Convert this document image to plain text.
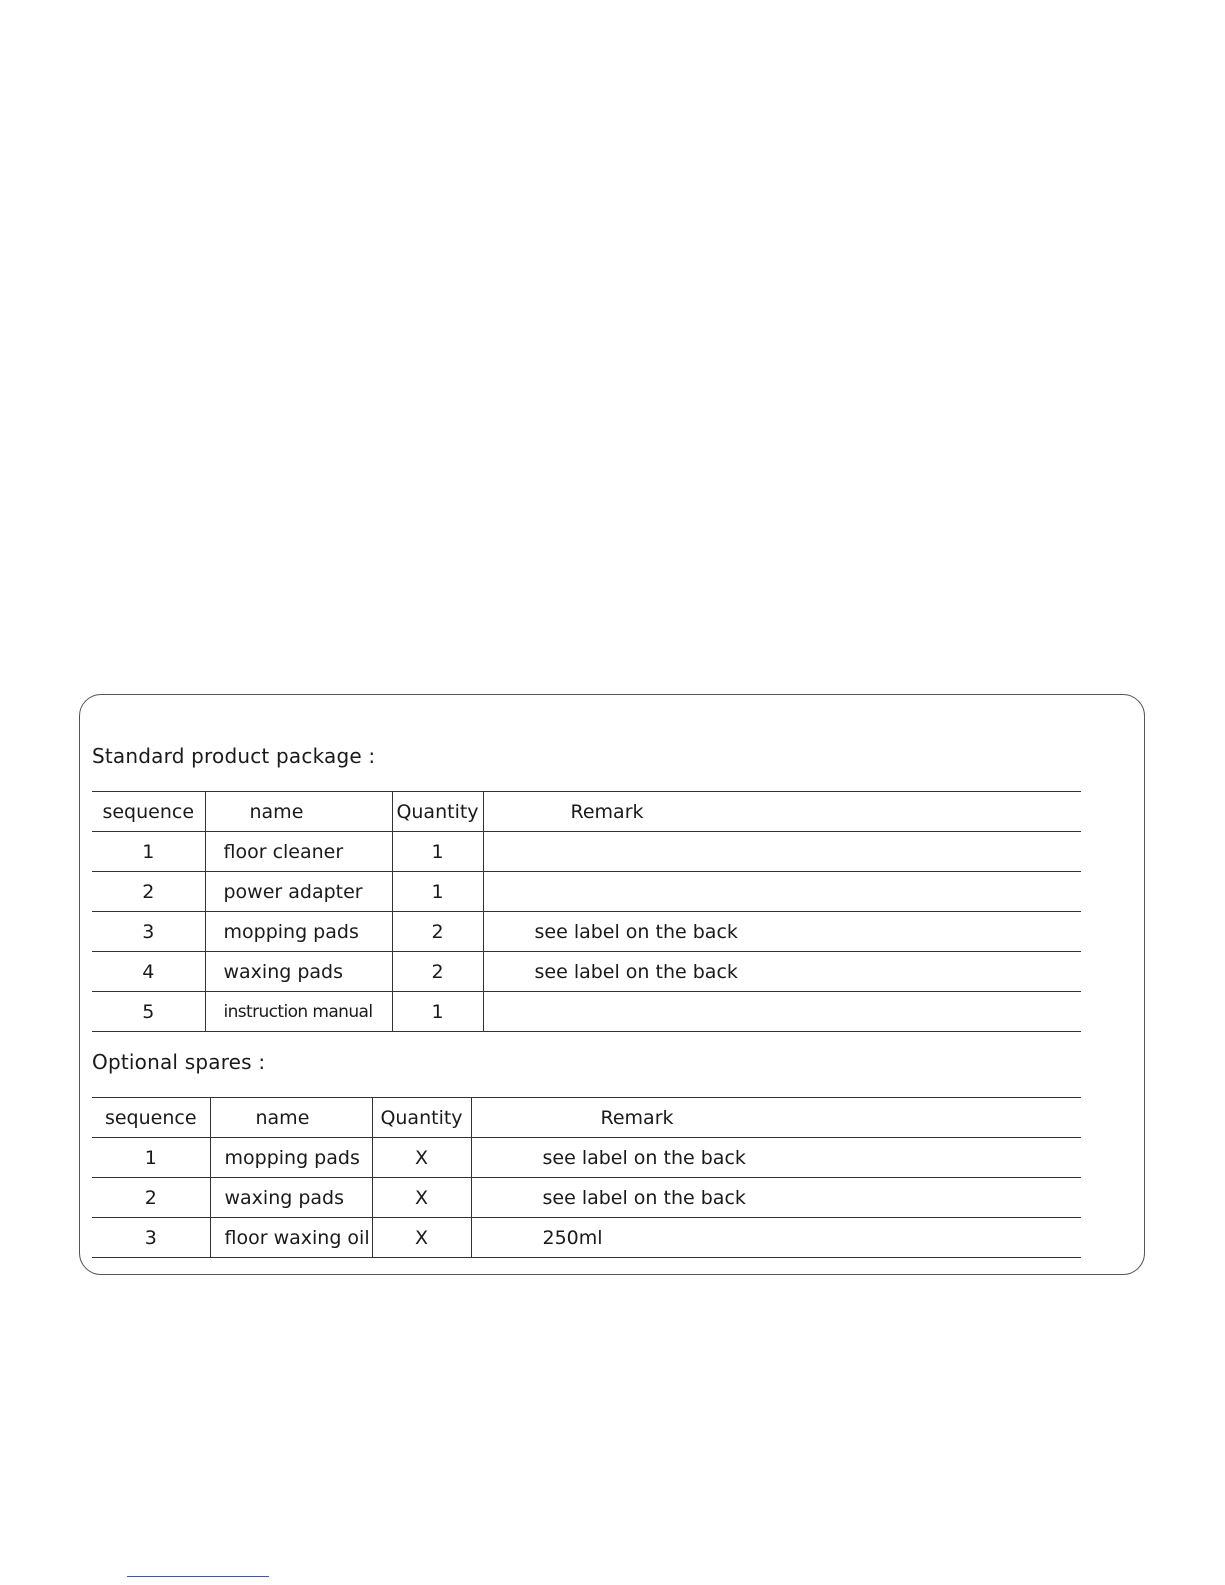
Standard product package :
sequence	name	Quantity	Remark
1	floor cleaner	1	
2	power adapter	1	
3	mopping pads	2	see label on the back
4	waxing pads	2	see label on the back
5	instruction manual	1	
Optional spares :
sequence	name	Quantity	Remark
1	mopping pads	X	see label on the back
2	waxing pads	X	see label on the back
3	floor waxing oil	X	250ml
